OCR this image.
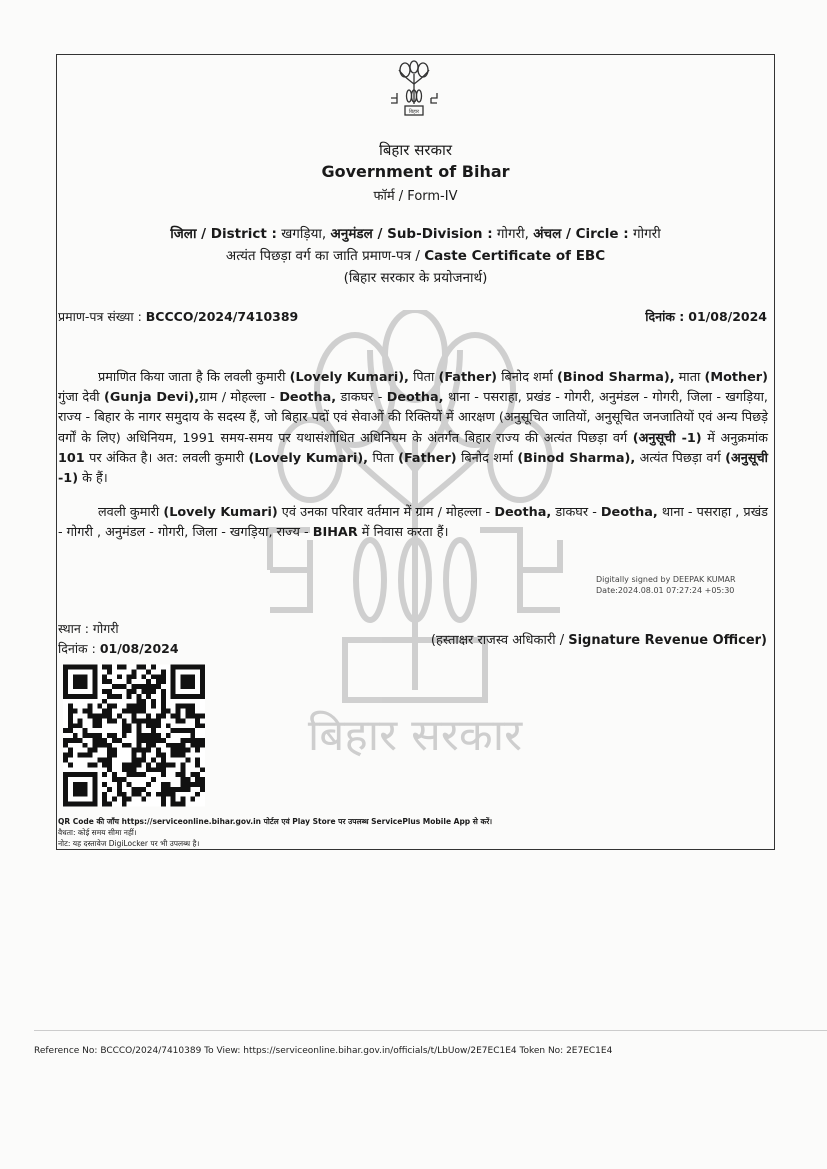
बिहार सरकार
बिहार
बिहार सरकार
Government of Bihar
फॉर्म / Form-IV
जिला / District : खगड़िया, अनुमंडल / Sub-Division : गोगरी, अंचल / Circle : गोगरी
अत्यंत पिछड़ा वर्ग का जाति प्रमाण-पत्र / Caste Certificate of EBC
(बिहार सरकार के प्रयोजनार्थ)
प्रमाण-पत्र संख्या : BCCCO/2024/7410389	दिनांक : 01/08/2024
प्रमाणित किया जाता है कि लवली कुमारी (Lovely Kumari), पिता (Father) बिनोद शर्मा (Binod Sharma), माता (Mother) गुंजा देवी (Gunja Devi),ग्राम / मोहल्ला - Deotha, डाकघर - Deotha, थाना - पसराहा, प्रखंड - गोगरी, अनुमंडल - गोगरी, जिला - खगड़िया, राज्य - बिहार के नागर समुदाय के सदस्य हैं, जो बिहार पदों एवं सेवाओं की रिक्तियों में आरक्षण (अनुसूचित जातियों, अनुसूचित जनजातियों एवं अन्य पिछड़े वर्गों के लिए) अधिनियम, 1991 समय-समय पर यथासंशोधित अधिनियम के अंतर्गत बिहार राज्य की अत्यंत पिछड़ा वर्ग (अनुसूची -1) में अनुक्रमांक 101 पर अंकित है। अत: लवली कुमारी (Lovely Kumari), पिता (Father) बिनोद शर्मा (Binod Sharma), अत्यंत पिछड़ा वर्ग (अनुसूची -1) के हैं।
लवली कुमारी (Lovely Kumari) एवं उनका परिवार वर्तमान में ग्राम / मोहल्ला - Deotha, डाकघर - Deotha, थाना - पसराहा , प्रखंड - गोगरी , अनुमंडल - गोगरी, जिला - खगड़िया, राज्य - BIHAR में निवास करता हैं।
Digitally signed by DEEPAK KUMAR
Date:2024.08.01 07:27:24 +05:30
स्थान : गोगरी
दिनांक : 01/08/2024
(हस्ताक्षर राजस्व अधिकारी / Signature Revenue Officer)
QR Code की जाँच https://serviceonline.bihar.gov.in पोर्टल एवं Play Store पर उपलब्ध ServicePlus Mobile App से करें।
वैधता: कोई समय सीमा नहीं।
नोट: यह दस्तावेज DigiLocker पर भी उपलब्ध है।
Reference No: BCCCO/2024/7410389 To View: https://serviceonline.bihar.gov.in/officials/t/LbUow/2E7EC1E4 Token No: 2E7EC1E4
